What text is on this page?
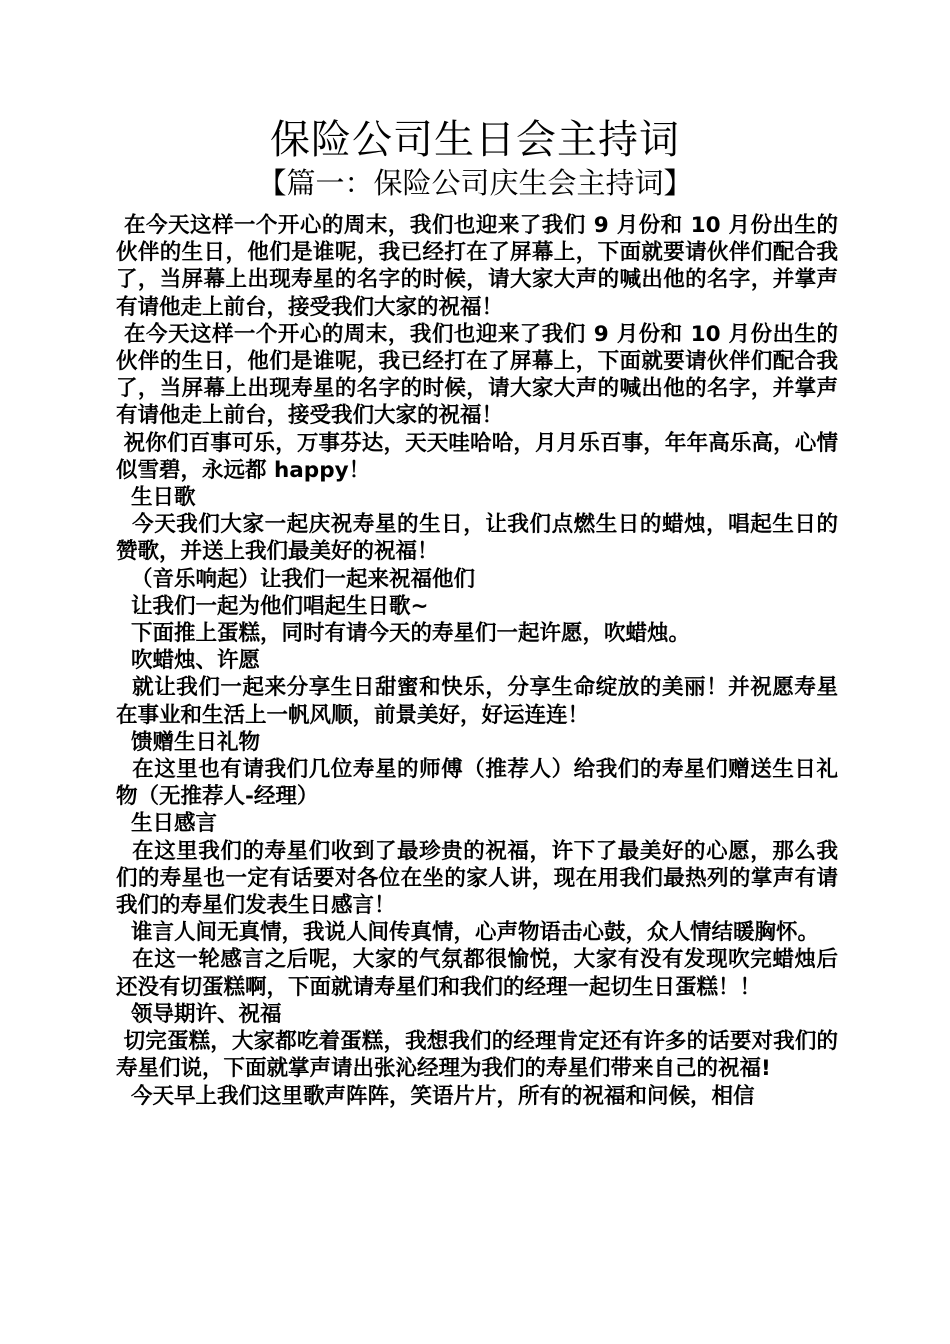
保险公司生日会主持词
【篇一：保险公司庆生会主持词】

在今天这样一个开心的周末，我们也迎来了我们 9 月份和 10 月份出生的伙伴的生日，他们是谁呢，我已经打在了屏幕上，下面就要请伙伴们配合我了，当屏幕上出现寿星的名字的时候，请大家大声的喊出他的名字，并掌声有请他走上前台，接受我们大家的祝福！

在今天这样一个开心的周末，我们也迎来了我们 9 月份和 10 月份出生的伙伴的生日，他们是谁呢，我已经打在了屏幕上，下面就要请伙伴们配合我了，当屏幕上出现寿星的名字的时候，请大家大声的喊出他的名字，并掌声有请他走上前台，接受我们大家的祝福！

祝你们百事可乐，万事芬达，天天哇哈哈，月月乐百事，年年高乐高，心情似雪碧，永远都 happy！

生日歌

今天我们大家一起庆祝寿星的生日，让我们点燃生日的蜡烛，唱起生日的赞歌，并送上我们最美好的祝福！

（音乐响起）让我们一起来祝福他们

让我们一起为他们唱起生日歌~

下面推上蛋糕，同时有请今天的寿星们一起许愿，吹蜡烛。

吹蜡烛、许愿

就让我们一起来分享生日甜蜜和快乐，分享生命绽放的美丽！并祝愿寿星在事业和生活上一帆风顺，前景美好，好运连连！

馈赠生日礼物

在这里也有请我们几位寿星的师傅（推荐人）给我们的寿星们赠送生日礼物（无推荐人-经理）

生日感言

在这里我们的寿星们收到了最珍贵的祝福，许下了最美好的心愿，那么我们的寿星也一定有话要对各位在坐的家人讲，现在用我们最热列的掌声有请我们的寿星们发表生日感言！

谁言人间无真情，我说人间传真情，心声物语击心鼓，众人情结暖胸怀。

在这一轮感言之后呢，大家的气氛都很愉悦，大家有没有发现吹完蜡烛后还没有切蛋糕啊，下面就请寿星们和我们的经理一起切生日蛋糕！！

领导期许、祝福

切完蛋糕，大家都吃着蛋糕，我想我们的经理肯定还有许多的话要对我们的寿星们说，下面就掌声请出张沁经理为我们的寿星们带来自己的祝福!

今天早上我们这里歌声阵阵，笑语片片，所有的祝福和问候，相信
